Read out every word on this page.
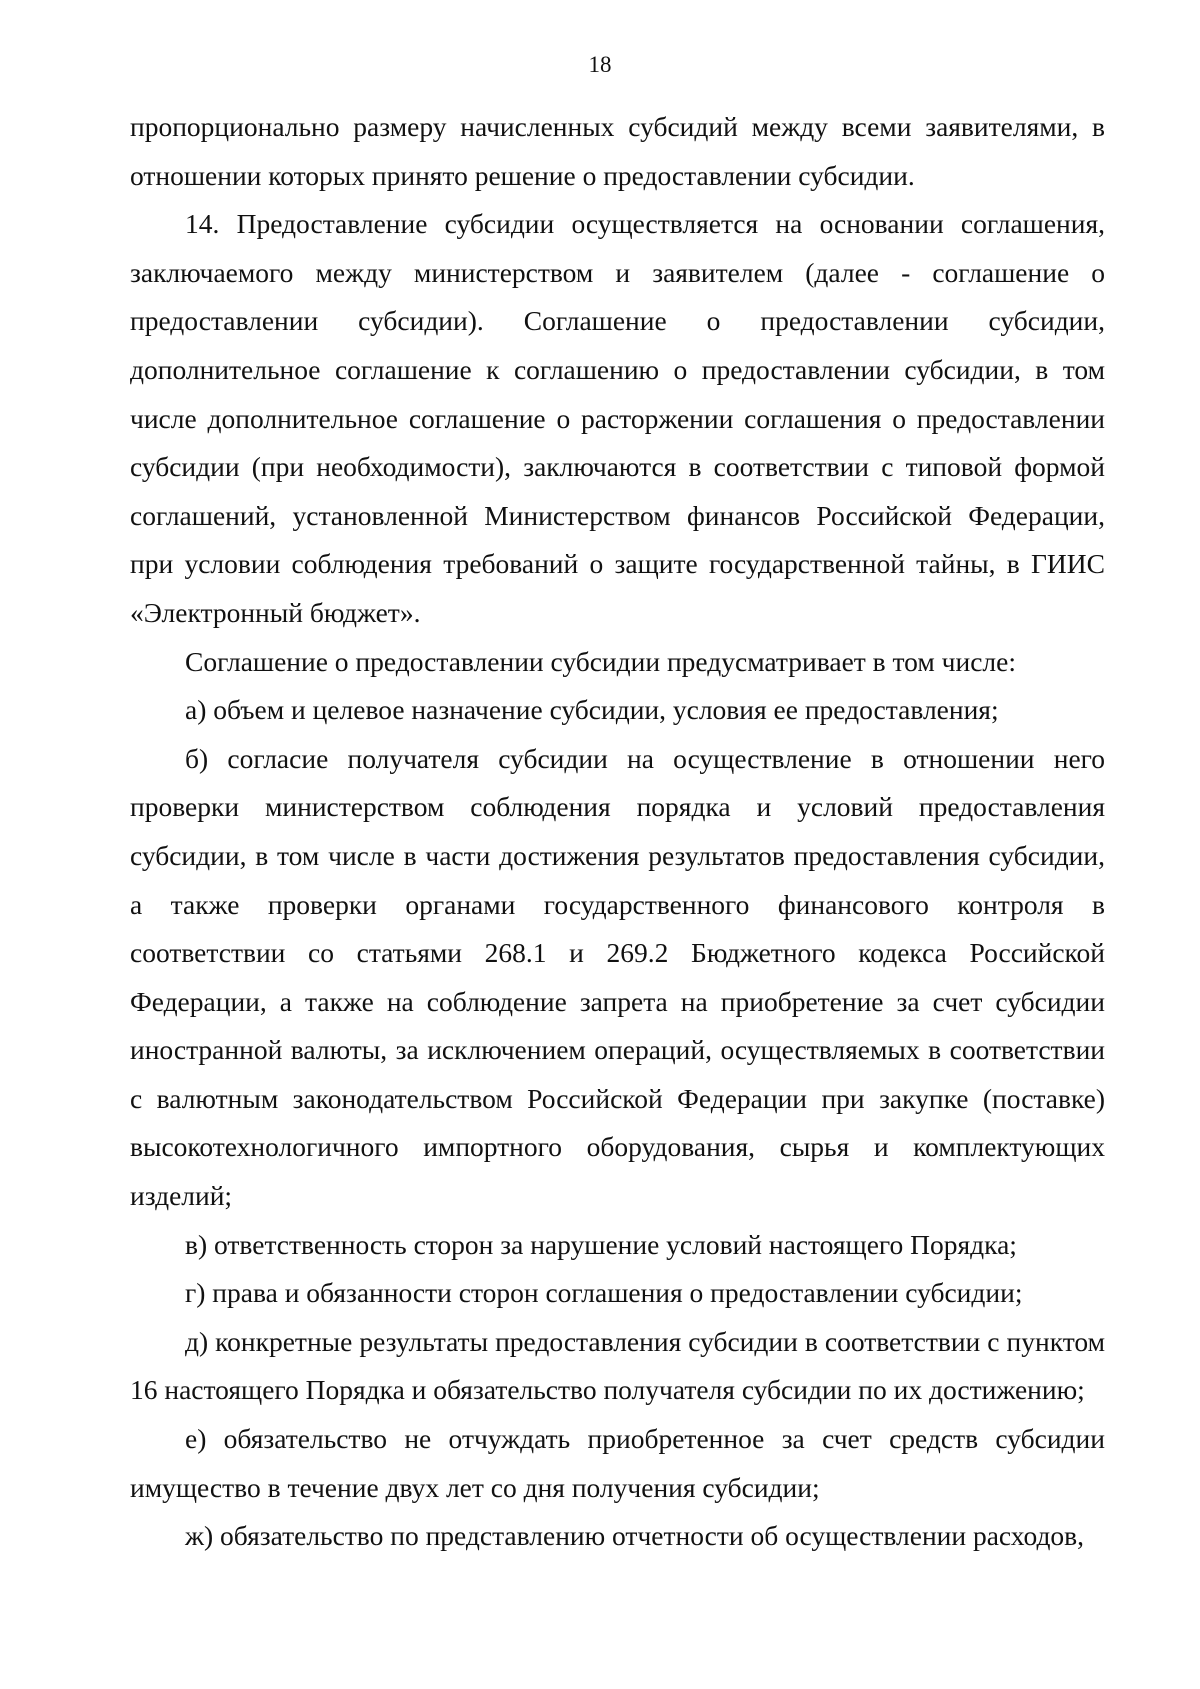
18

пропорционально размеру начисленных субсидий между всеми заявителями, в отношении которых принято решение о предоставлении субсидии.

14. Предоставление субсидии осуществляется на основании соглашения, заключаемого между министерством и заявителем (далее - соглашение о предоставлении субсидии). Соглашение о предоставлении субсидии, дополнительное соглашение к соглашению о предоставлении субсидии, в том числе дополнительное соглашение о расторжении соглашения о предоставлении субсидии (при необходимости), заключаются в соответствии с типовой формой соглашений, установленной Министерством финансов Российской Федерации, при условии соблюдения требований о защите государственной тайны, в ГИИС «Электронный бюджет».

Соглашение о предоставлении субсидии предусматривает в том числе:

а) объем и целевое назначение субсидии, условия ее предоставления;

б) согласие получателя субсидии на осуществление в отношении него проверки министерством соблюдения порядка и условий предоставления субсидии, в том числе в части достижения результатов предоставления субсидии, а также проверки органами государственного финансового контроля в соответствии со статьями 268.1 и 269.2 Бюджетного кодекса Российской Федерации, а также на соблюдение запрета на приобретение за счет субсидии иностранной валюты, за исключением операций, осуществляемых в соответствии с валютным законодательством Российской Федерации при закупке (поставке) высокотехнологичного импортного оборудования, сырья и комплектующих изделий;

в) ответственность сторон за нарушение условий настоящего Порядка;

г) права и обязанности сторон соглашения о предоставлении субсидии;

д) конкретные результаты предоставления субсидии в соответствии с пунктом 16 настоящего Порядка и обязательство получателя субсидии по их достижению;

е) обязательство не отчуждать приобретенное за счет средств субсидии имущество в течение двух лет со дня получения субсидии;

ж) обязательство по представлению отчетности об осуществлении расходов,
